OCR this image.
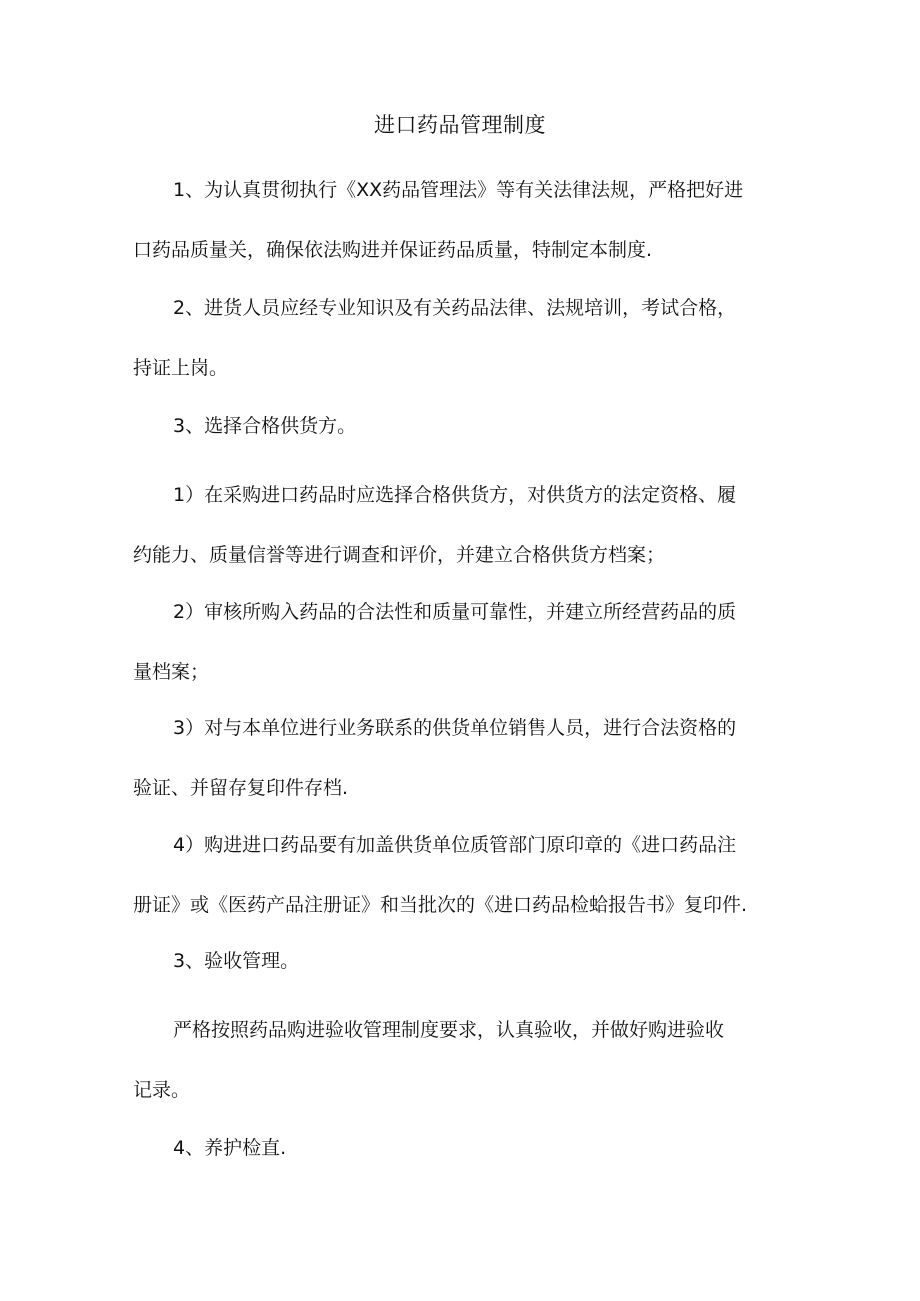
进口药品管理制度
1、为认真贯彻执行《XX药品管理法》等有关法律法规，严格把好进
口药品质量关，确保依法购进并保证药品质量，特制定本制度.
2、进货人员应经专业知识及有关药品法律、法规培训，考试合格，
持证上岗。
3、选择合格供货方。
1）在采购进口药品时应选择合格供货方，对供货方的法定资格、履
约能力、质量信誉等进行调查和评价，并建立合格供货方档案；
2）审核所购入药品的合法性和质量可靠性，并建立所经营药品的质
量档案；
3）对与本单位进行业务联系的供货单位销售人员，进行合法资格的
验证、并留存复印件存档.
4）购进进口药品要有加盖供货单位质管部门原印章的《进口药品注
册证》或《医药产品注册证》和当批次的《进口药品检蛤报告书》复印件.
3、验收管理。
严格按照药品购进验收管理制度要求，认真验收，并做好购进验收
记录。
4、养护检直.
